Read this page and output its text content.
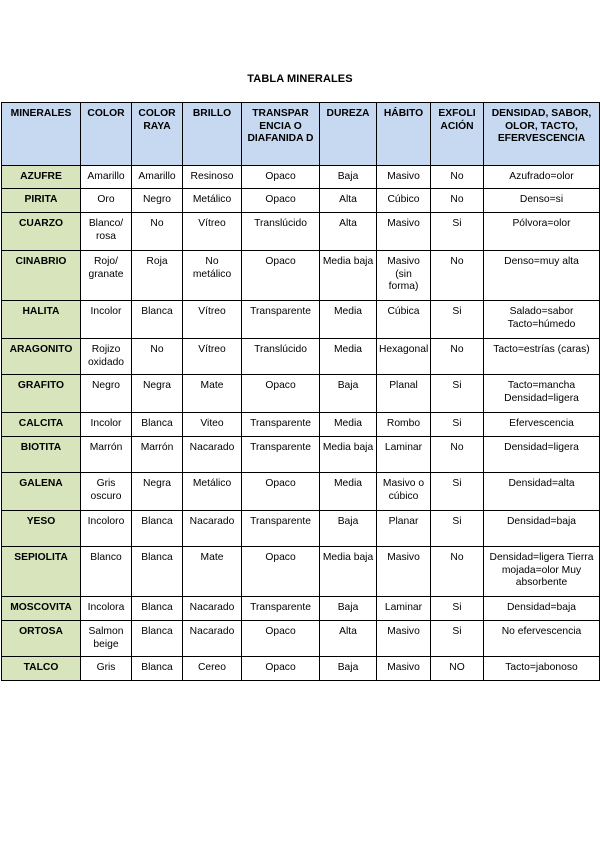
TABLA MINERALES
MINERALES	COLOR	COLOR RAYA	BRILLO	TRANSPAR ENCIA O DIAFANIDA D	DUREZA	HÁBITO	EXFOLI ACIÓN	DENSIDAD, SABOR, OLOR, TACTO, EFERVESCENCIA
AZUFRE	Amarillo	Amarillo	Resinoso	Opaco	Baja	Masivo	No	Azufrado=olor
PIRITA	Oro	Negro	Metálico	Opaco	Alta	Cúbico	No	Denso=si
CUARZO	Blanco/ rosa	No	Vítreo	Translúcido	Alta	Masivo	Si	Pólvora=olor
CINABRIO	Rojo/ granate	Roja	No metálico	Opaco	Media baja	Masivo (sin forma)	No	Denso=muy alta
HALITA	Incolor	Blanca	Vítreo	Transparente	Media	Cúbica	Si	Salado=sabor Tacto=húmedo
ARAGONITO	Rojizo oxidado	No	Vítreo	Translúcido	Media	Hexagonal	No	Tacto=estrías (caras)
GRAFITO	Negro	Negra	Mate	Opaco	Baja	Planal	Si	Tacto=mancha Densidad=ligera
CALCITA	Incolor	Blanca	Viteo	Transparente	Media	Rombo	Si	Efervescencia
BIOTITA	Marrón	Marrón	Nacarado	Transparente	Media baja	Laminar	No	Densidad=ligera
GALENA	Gris oscuro	Negra	Metálico	Opaco	Media	Masivo o cúbico	Si	Densidad=alta
YESO	Incoloro	Blanca	Nacarado	Transparente	Baja	Planar	Si	Densidad=baja
SEPIOLITA	Blanco	Blanca	Mate	Opaco	Media baja	Masivo	No	Densidad=ligera Tierra mojada=olor Muy absorbente
MOSCOVITA	Incolora	Blanca	Nacarado	Transparente	Baja	Laminar	Si	Densidad=baja
ORTOSA	Salmon beige	Blanca	Nacarado	Opaco	Alta	Masivo	Si	No efervescencia
TALCO	Gris	Blanca	Cereo	Opaco	Baja	Masivo	NO	Tacto=jabonoso
